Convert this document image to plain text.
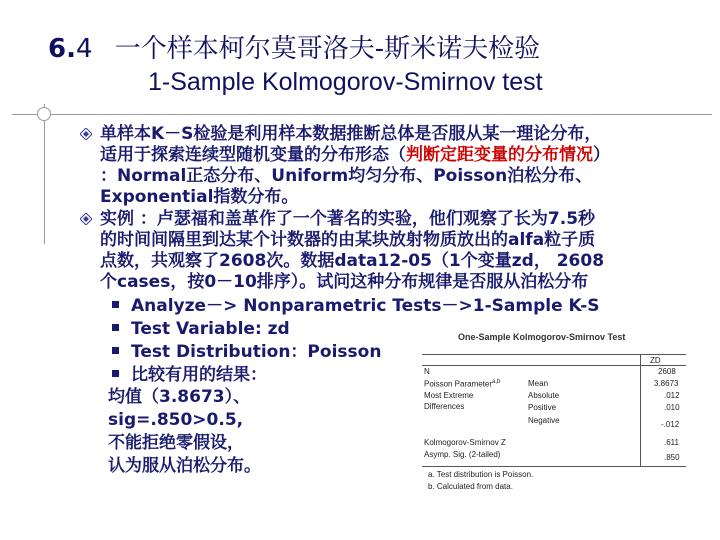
6.4 一个样本柯尔莫哥洛夫-斯米诺夫检验
1-Sample Kolmogorov-Smirnov test
单样本K－S检验是利用样本数据推断总体是否服从某一理论分布，
适用于探索连续型随机变量的分布形态（判断定距变量的分布情况）
：Normal正态分布、Uniform均匀分布、Poisson泊松分布、
Exponential指数分布。
实例 ：卢瑟福和盖革作了一个著名的实验，他们观察了长为7.5秒
的时间间隔里到达某个计数器的由某块放射物质放出的alfa粒子质
点数，共观察了2608次。数据data12-05（1个变量zd， 2608
个cases，按0－10排序）。试问这种分布规律是否服从泊松分布
Analyze－> Nonparametric Tests－>1-Sample K-S
Test Variable: zd
Test Distribution：Poisson
比较有用的结果：
均值（3.8673）、
sig=.850>0.5,
不能拒绝零假设，
认为服从泊松分布。
One-Sample Kolmogorov-Smirnov Test
ZD
N	2608
Poisson Parameter$^{a,b}$	Mean	3.8673
Most Extreme	Absolute	.012
Differences	Positive	.010
Negative	-.012
Kolmogorov-Smirnov Z	.611
Asymp. Sig. (2-tailed)	.850
a. Test distribution is Poisson.
b. Calculated from data.
